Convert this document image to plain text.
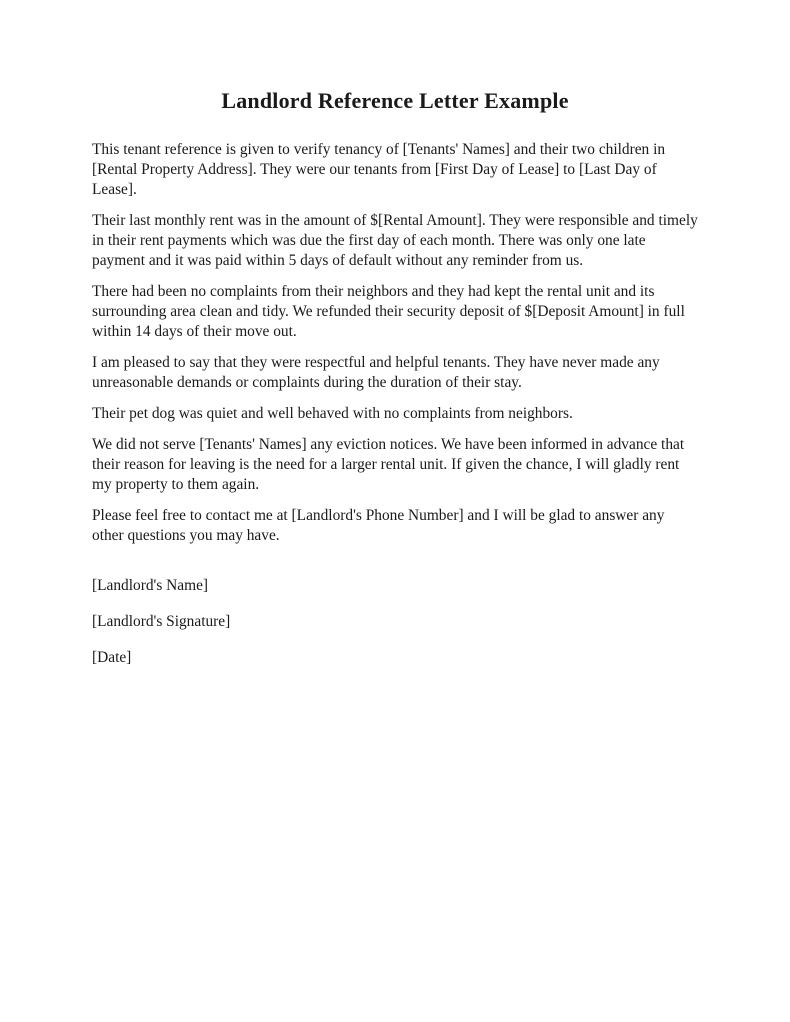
Landlord Reference Letter Example

This tenant reference is given to verify tenancy of [Tenants' Names] and their two children in [Rental Property Address]. They were our tenants from [First Day of Lease] to [Last Day of Lease].

Their last monthly rent was in the amount of $[Rental Amount]. They were responsible and timely in their rent payments which was due the first day of each month. There was only one late payment and it was paid within 5 days of default without any reminder from us.

There had been no complaints from their neighbors and they had kept the rental unit and its surrounding area clean and tidy. We refunded their security deposit of $[Deposit Amount] in full within 14 days of their move out.

I am pleased to say that they were respectful and helpful tenants. They have never made any unreasonable demands or complaints during the duration of their stay.

Their pet dog was quiet and well behaved with no complaints from neighbors.

We did not serve [Tenants' Names] any eviction notices. We have been informed in advance that their reason for leaving is the need for a larger rental unit. If given the chance, I will gladly rent my property to them again.

Please feel free to contact me at [Landlord's Phone Number] and I will be glad to answer any other questions you may have.

[Landlord's Name]

[Landlord's Signature]

[Date]
